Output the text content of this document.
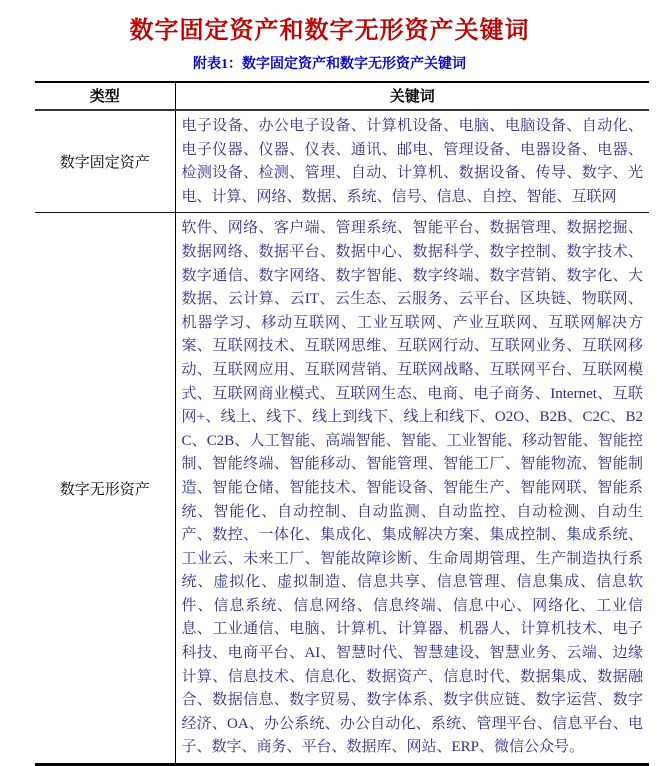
数字固定资产和数字无形资产关键词
附表1：数字固定资产和数字无形资产关键词
类型	关键词
数字固定资产	电子设备、办公电子设备、计算机设备、电脑、电脑设备、自动化、电子仪器、仪器、仪表、通讯、邮电、管理设备、电器设备、电器、检测设备、检测、管理、自动、计算机、数据设备、传导、数字、光电、计算、网络、数据、系统、信号、信息、自控、智能、互联网
数字无形资产	软件、网络、客户端、管理系统、智能平台、数据管理、数据挖掘、数据网络、数据平台、数据中心、数据科学、数字控制、数字技术、数字通信、数字网络、数字智能、数字终端、数字营销、数字化、大数据、云计算、云IT、云生态、云服务、云平台、区块链、物联网、机器学习、移动互联网、工业互联网、产业互联网、互联网解决方案、互联网技术、互联网思维、互联网行动、互联网业务、互联网移动、互联网应用、互联网营销、互联网战略、互联网平台、互联网模式、互联网商业模式、互联网生态、电商、电子商务、Internet、互联网+、线上、线下、线上到线下、线上和线下、O2O、B2B、C2C、B2C、C2B、人工智能、高端智能、智能、工业智能、移动智能、智能控制、智能终端、智能移动、智能管理、智能工厂、智能物流、智能制造、智能仓储、智能技术、智能设备、智能生产、智能网联、智能系统、智能化、自动控制、自动监测、自动监控、自动检测、自动生产、数控、一体化、集成化、集成解决方案、集成控制、集成系统、工业云、未来工厂、智能故障诊断、生命周期管理、生产制造执行系统、虚拟化、虚拟制造、信息共享、信息管理、信息集成、信息软件、信息系统、信息网络、信息终端、信息中心、网络化、工业信息、工业通信、电脑、计算机、计算器、机器人、计算机技术、电子科技、电商平台、AI、智慧时代、智慧建设、智慧业务、云端、边缘计算、信息技术、信息化、数据资产、信息时代、数据集成、数据融合、数据信息、数字贸易、数字体系、数字供应链、数字运营、数字经济、OA、办公系统、办公自动化、系统、管理平台、信息平台、电子、数字、商务、平台、数据库、网站、ERP、微信公众号。
